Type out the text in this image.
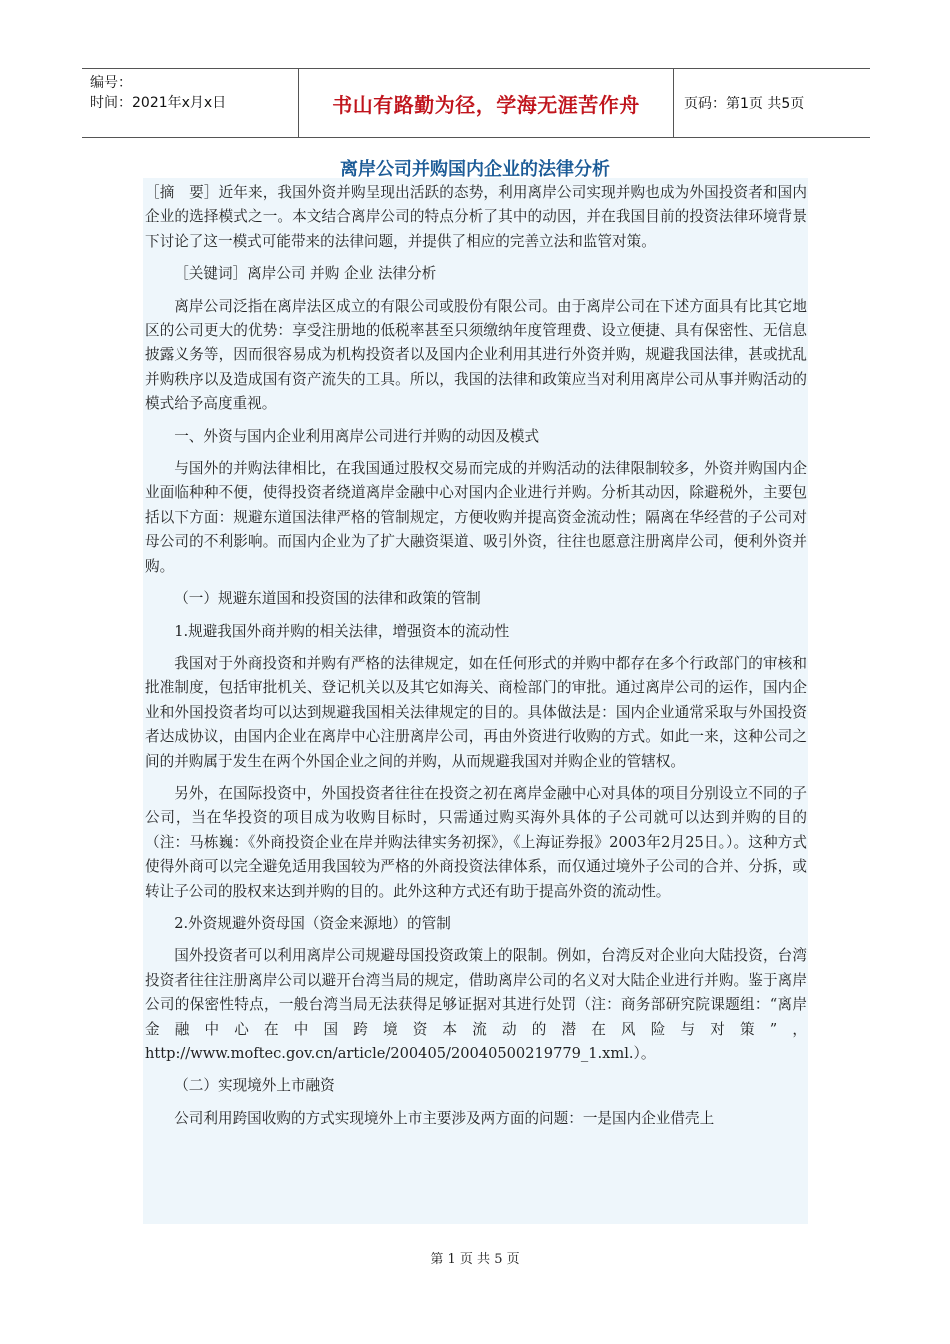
编号：
时间：2021年x月x日	书山有路勤为径，学海无涯苦作舟	页码：第1页 共5页
离岸公司并购国内企业的法律分析

［摘　要］近年来，我国外资并购呈现出活跃的态势，利用离岸公司实现并购也成为外国投资者和国内企业的选择模式之一。本文结合离岸公司的特点分析了其中的动因，并在我国目前的投资法律环境背景下讨论了这一模式可能带来的法律问题，并提供了相应的完善立法和监管对策。

［关键词］离岸公司 并购 企业 法律分析

离岸公司泛指在离岸法区成立的有限公司或股份有限公司。由于离岸公司在下述方面具有比其它地区的公司更大的优势：享受注册地的低税率甚至只须缴纳年度管理费、设立便捷、具有保密性、无信息披露义务等，因而很容易成为机构投资者以及国内企业利用其进行外资并购，规避我国法律，甚或扰乱并购秩序以及造成国有资产流失的工具。所以，我国的法律和政策应当对利用离岸公司从事并购活动的模式给予高度重视。

一、外资与国内企业利用离岸公司进行并购的动因及模式

与国外的并购法律相比，在我国通过股权交易而完成的并购活动的法律限制较多，外资并购国内企业面临种种不便，使得投资者绕道离岸金融中心对国内企业进行并购。分析其动因，除避税外，主要包括以下方面：规避东道国法律严格的管制规定，方便收购并提高资金流动性；隔离在华经营的子公司对母公司的不利影响。而国内企业为了扩大融资渠道、吸引外资，往往也愿意注册离岸公司，便利外资并购。

（一）规避东道国和投资国的法律和政策的管制

1.规避我国外商并购的相关法律，增强资本的流动性

我国对于外商投资和并购有严格的法律规定，如在任何形式的并购中都存在多个行政部门的审核和批准制度，包括审批机关、登记机关以及其它如海关、商检部门的审批。通过离岸公司的运作，国内企业和外国投资者均可以达到规避我国相关法律规定的目的。具体做法是：国内企业通常采取与外国投资者达成协议，由国内企业在离岸中心注册离岸公司，再由外资进行收购的方式。如此一来，这种公司之间的并购属于发生在两个外国企业之间的并购，从而规避我国对并购企业的管辖权。

另外，在国际投资中，外国投资者往往在投资之初在离岸金融中心对具体的项目分别设立不同的子公司，当在华投资的项目成为收购目标时，只需通过购买海外具体的子公司就可以达到并购的目的（注：马栋巍：《外商投资企业在岸并购法律实务初探》，《上海证券报》2003年2月25日。）。这种方式使得外商可以完全避免适用我国较为严格的外商投资法律体系，而仅通过境外子公司的合并、分拆，或转让子公司的股权来达到并购的目的。此外这种方式还有助于提高外资的流动性。

2.外资规避外资母国（资金来源地）的管制

国外投资者可以利用离岸公司规避母国投资政策上的限制。例如，台湾反对企业向大陆投资，台湾投资者往往注册离岸公司以避开台湾当局的规定，借助离岸公司的名义对大陆企业进行并购。鉴于离岸公司的保密性特点，一般台湾当局无法获得足够证据对其进行处罚（注：商务部研究院课题组：“离岸金融中心在中国跨境资本流动的潜在风险与对策”，http://www.moftec.gov.cn/article/200405/20040500219779_1.xml.）。

（二）实现境外上市融资

公司利用跨国收购的方式实现境外上市主要涉及两方面的问题：一是国内企业借壳上

第 1 页 共 5 页
